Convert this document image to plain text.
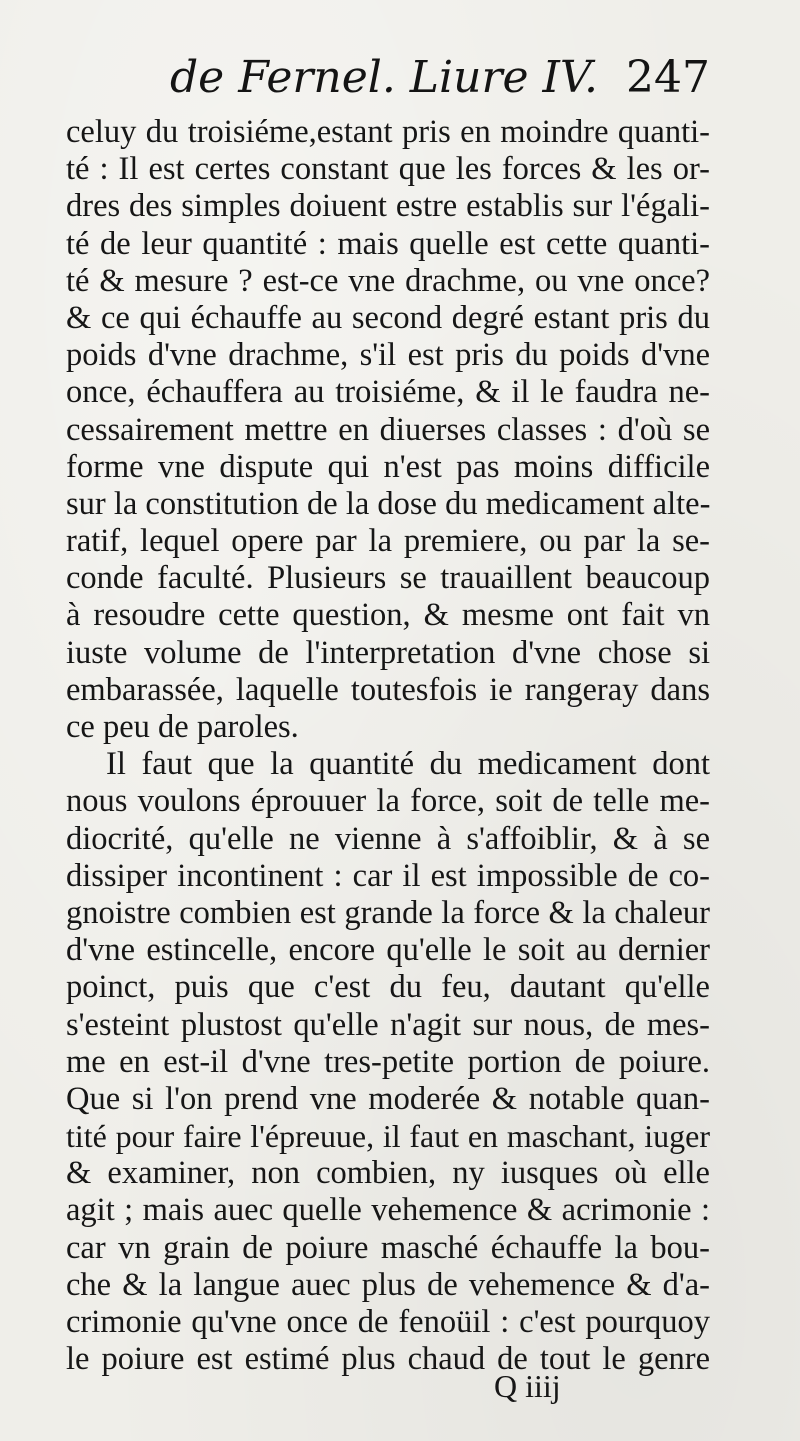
de Fernel. Liure IV. 247
celuy du troisiéme,estant pris en moindre quanti-
té : Il est certes constant que les forces & les or-
dres des simples doiuent estre establis sur l'égali-
té de leur quantité : mais quelle est cette quanti-
té & mesure ? est-ce vne drachme, ou vne once?
& ce qui échauffe au second degré estant pris du
poids d'vne drachme, s'il est pris du poids d'vne
once, échauffera au troisiéme, & il le faudra ne-
cessairement mettre en diuerses classes : d'où se
forme vne dispute qui n'est pas moins difficile
sur la constitution de la dose du medicament alte-
ratif, lequel opere par la premiere, ou par la se-
conde faculté. Plusieurs se trauaillent beaucoup
à resoudre cette question, & mesme ont fait vn
iuste volume de l'interpretation d'vne chose si
embarassée, laquelle toutesfois ie rangeray dans
ce peu de paroles.
Il faut que la quantité du medicament dont
nous voulons éprouuer la force, soit de telle me-
diocrité, qu'elle ne vienne à s'affoiblir, & à se
dissiper incontinent : car il est impossible de co-
gnoistre combien est grande la force & la chaleur
d'vne estincelle, encore qu'elle le soit au dernier
poinct, puis que c'est du feu, dautant qu'elle
s'esteint plustost qu'elle n'agit sur nous, de mes-
me en est-il d'vne tres-petite portion de poiure.
Que si l'on prend vne moderée & notable quan-
tité pour faire l'épreuue, il faut en maschant, iuger
& examiner, non combien, ny iusques où elle
agit ; mais auec quelle vehemence & acrimonie :
car vn grain de poiure masché échauffe la bou-
che & la langue auec plus de vehemence & d'a-
crimonie qu'vne once de fenoüil : c'est pourquoy
le poiure est estimé plus chaud de tout le genre
Q iiij
